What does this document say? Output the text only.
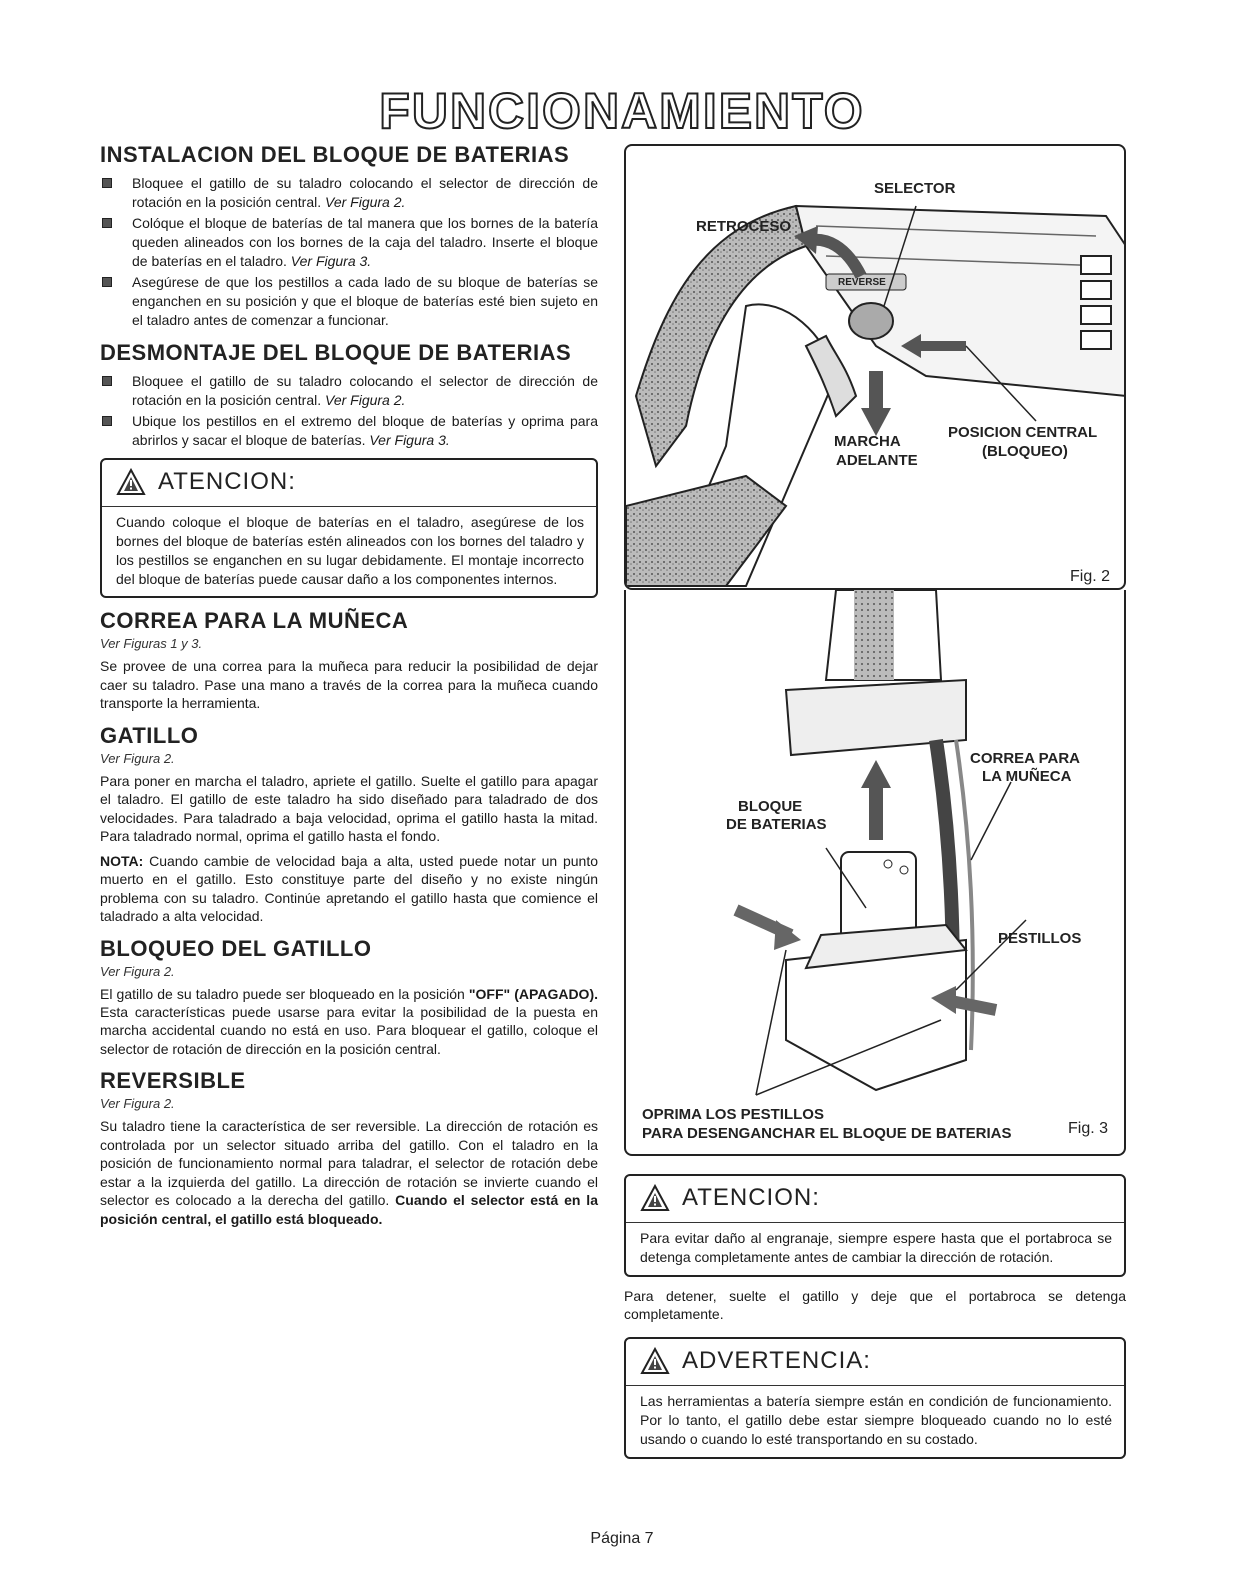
FUNCIONAMIENTO
INSTALACION DEL BLOQUE DE BATERIAS
Bloquee el gatillo de su taladro colocando el selector de dirección de rotación en la posición central. Ver Figura 2.
Colóque el bloque de baterías de tal manera que los bornes de la batería queden alineados con los bornes de la caja del taladro. Inserte el bloque de baterías en el taladro. Ver Figura 3.
Asegúrese de que los pestillos a cada lado de su bloque de baterías se enganchen en su posición y que el bloque de baterías esté bien sujeto en el taladro antes de comenzar a funcionar.
DESMONTAJE DEL BLOQUE DE BATERIAS
Bloquee el gatillo de su taladro colocando el selector de dirección de rotación en la posición central. Ver Figura 2.
Ubique los pestillos en el extremo del bloque de baterías y oprima para abrirlos y sacar el bloque de baterías. Ver Figura 3.
ATENCION:
Cuando coloque el bloque de baterías en el taladro, asegúrese de los bornes del bloque de baterías estén alineados con los bornes del taladro y los pestillos se enganchen en su lugar debidamente. El montaje incorrecto del bloque de baterías puede causar daño a los componentes internos.
CORREA PARA LA MUÑECA
Ver Figuras 1 y 3.

Se provee de una correa para la muñeca para reducir la posibilidad de dejar caer su taladro. Pase una mano a través de la correa para la muñeca cuando transporte la herramienta.

GATILLO
Ver Figura 2.

Para poner en marcha el taladro, apriete el gatillo. Suelte el gatillo para apagar el taladro. El gatillo de este taladro ha sido diseñado para taladrado de dos velocidades. Para taladrado a baja velocidad, oprima el gatillo hasta la mitad. Para taladrado normal, oprima el gatillo hasta el fondo.

NOTA: Cuando cambie de velocidad baja a alta, usted puede notar un punto muerto en el gatillo. Esto constituye parte del diseño y no existe ningún problema con su taladro. Continúe apretando el gatillo hasta que comience el taladrado a alta velocidad.

BLOQUEO DEL GATILLO
Ver Figura 2.

El gatillo de su taladro puede ser bloqueado en la posición "OFF" (APAGADO). Esta características puede usarse para evitar la posibilidad de la puesta en marcha accidental cuando no está en uso. Para bloquear el gatillo, coloque el selector de rotación de dirección en la posición central.

REVERSIBLE
Ver Figura 2.

Su taladro tiene la característica de ser reversible. La dirección de rotación es controlada por un selector situado arriba del gatillo. Con el taladro en la posición de funcionamiento normal para taladrar, el selector de rotación debe estar a la izquierda del gatillo. La dirección de rotación se invierte cuando el selector es colocado a la derecha del gatillo. Cuando el selector está en la posición central, el gatillo está bloqueado.

SELECTOR
RETROCESO
MARCHA
ADELANTE
POSICION CENTRAL
(BLOQUEO)
REVERSE
Fig. 2
CORREA PARA
LA MUÑECA
BLOQUE
DE BATERIAS
PESTILLOS
OPRIMA LOS PESTILLOS
PARA DESENGANCHAR EL BLOQUE DE BATERIAS	Fig. 3
ATENCION:
Para evitar daño al engranaje, siempre espere hasta que el portabroca se detenga completamente antes de cambiar la dirección de rotación.

Para detener, suelte el gatillo y deje que el portabroca se detenga completamente.

ADVERTENCIA:
Las herramientas a batería siempre están en condición de funcionamiento. Por lo tanto, el gatillo debe estar siempre bloqueado cuando no lo esté usando o cuando lo esté transportando en su costado.
Página 7
